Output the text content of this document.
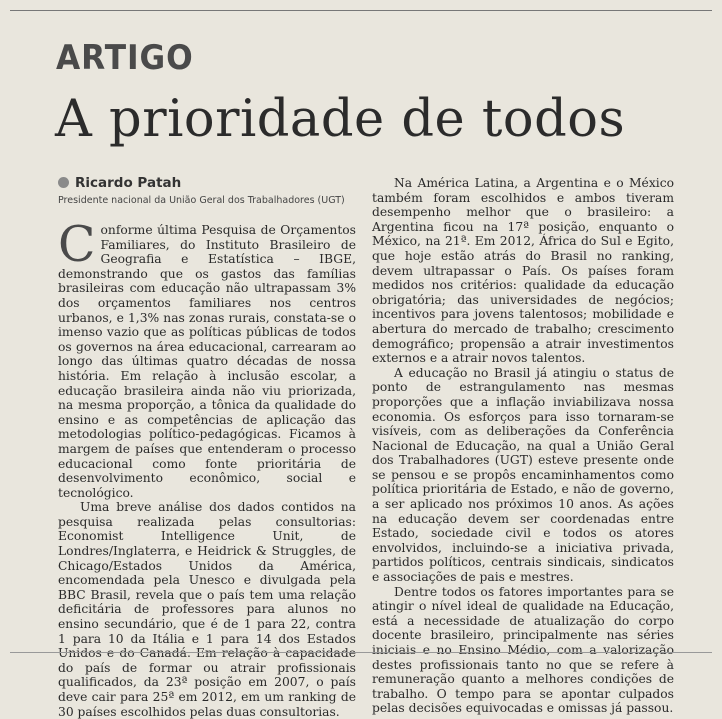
ARTIGO
A prioridade de todos
Ricardo Patah
Presidente nacional da União Geral dos Trabalhadores (UGT)

Conforme última Pesquisa de Orçamentos Familiares, do Instituto Brasileiro de Geografia e Estatística – IBGE, demonstrando que os gastos das famílias brasileiras com educação não ultrapassam 3% dos orçamentos familiares nos centros urbanos, e 1,3% nas zonas rurais, constata-se o imenso vazio que as políticas públicas de todos os governos na área educacional, carrearam ao longo das últimas quatro décadas de nossa história. Em relação à inclusão escolar, a educação brasileira ainda não viu priorizada, na mesma proporção, a tônica da qualidade do ensino e as competências de aplicação das metodologias político-pedagógicas. Ficamos à margem de países que entenderam o processo educacional como fonte prioritária de desenvolvimento econômico, social e tecnológico.

Uma breve análise dos dados contidos na pesquisa realizada pelas consultorias: Economist Intelligence Unit, de Londres/Inglaterra, e Heidrick & Struggles, de Chicago/Estados Unidos da América, encomendada pela Unesco e divulgada pela BBC Brasil, revela que o país tem uma relação deficitária de professores para alunos no ensino secundário, que é de 1 para 22, contra 1 para 10 da Itália e 1 para 14 dos Estados Unidos e do Canadá. Em relação à capacidade do país de formar ou atrair profissionais qualificados, da 23ª posição em 2007, o país deve cair para 25ª em 2012, em um ranking de 30 países escolhidos pelas duas consultorias.

Na América Latina, a Argentina e o México também foram escolhidos e ambos tiveram desempenho melhor que o brasileiro: a Argentina ficou na 17ª posição, enquanto o México, na 21ª. Em 2012, África do Sul e Egito, que hoje estão atrás do Brasil no ranking, devem ultrapassar o País. Os países foram medidos nos critérios: qualidade da educação obrigatória; das universidades de negócios; incentivos para jovens talentosos; mobilidade e abertura do mercado de trabalho; crescimento demográfico; propensão a atrair investimentos externos e a atrair novos talentos.

A educação no Brasil já atingiu o status de ponto de estrangulamento nas mesmas proporções que a inflação inviabilizava nossa economia. Os esforços para isso tornaram-se visíveis, com as deliberações da Conferência Nacional de Educação, na qual a União Geral dos Trabalhadores (UGT) esteve presente onde se pensou e se propôs encaminhamentos como política prioritária de Estado, e não de governo, a ser aplicado nos próximos 10 anos. As ações na educação devem ser coordenadas entre Estado, sociedade civil e todos os atores envolvidos, incluindo-se a iniciativa privada, partidos políticos, centrais sindicais, sindicatos e associações de pais e mestres.

Dentre todos os fatores importantes para se atingir o nível ideal de qualidade na Educação, está a necessidade de atualização do corpo docente brasileiro, principalmente nas séries iniciais e no Ensino Médio, com a valorização destes profissionais tanto no que se refere à remuneração quanto a melhores condições de trabalho. O tempo para se apontar culpados pelas decisões equivocadas e omissas já passou.
